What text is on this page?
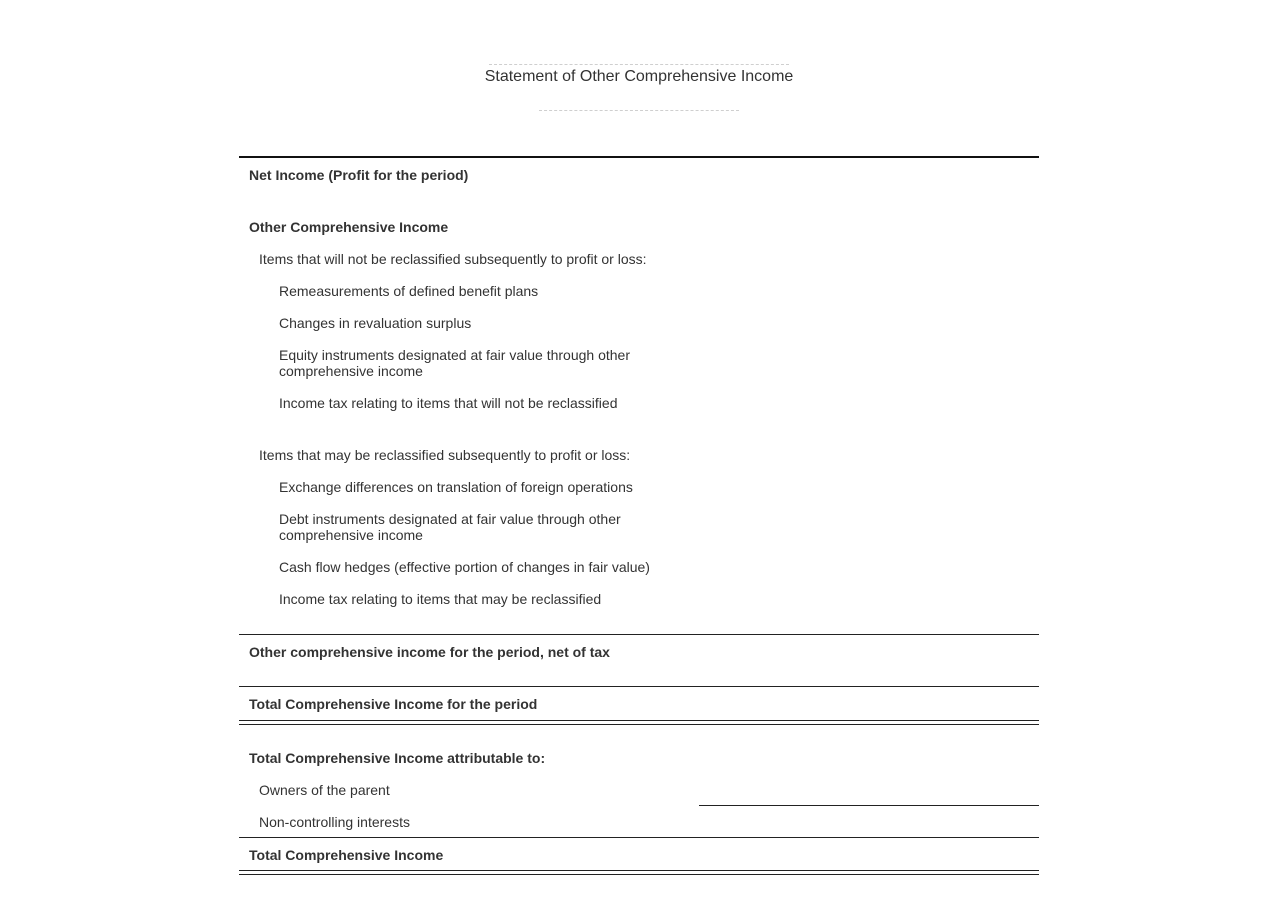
Statement of Other Comprehensive Income
Net Income (Profit for the period)
Other Comprehensive Income
Items that will not be reclassified subsequently to profit or loss:
Remeasurements of defined benefit plans
Changes in revaluation surplus
Equity instruments designated at fair value through other comprehensive income
Income tax relating to items that will not be reclassified
Items that may be reclassified subsequently to profit or loss:
Exchange differences on translation of foreign operations
Debt instruments designated at fair value through other comprehensive income
Cash flow hedges (effective portion of changes in fair value)
Income tax relating to items that may be reclassified
Other comprehensive income for the period, net of tax
Total Comprehensive Income for the period
Total Comprehensive Income attributable to:
Owners of the parent
Non-controlling interests
Total Comprehensive Income
